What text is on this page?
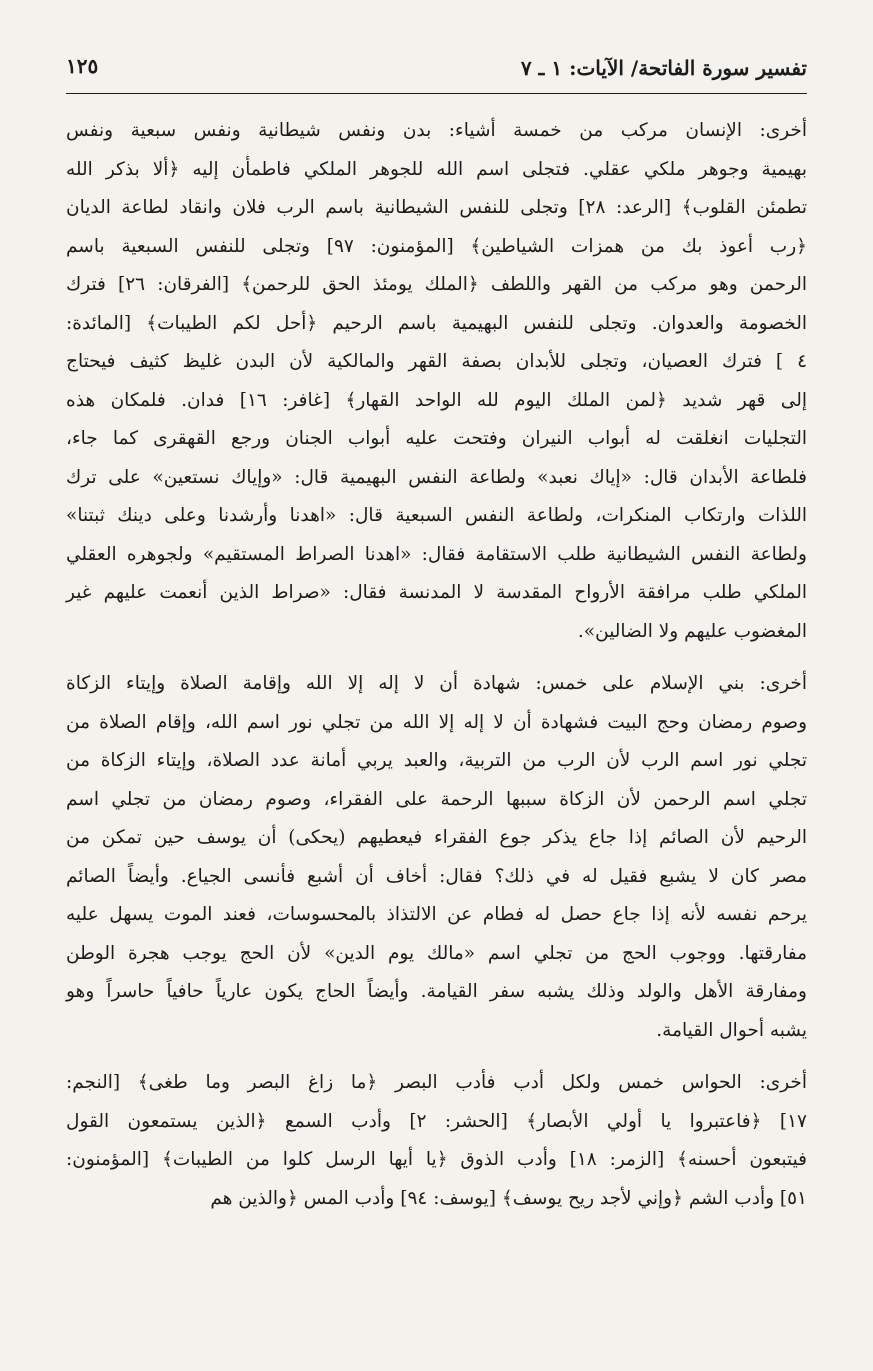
تفسير سورة الفاتحة/ الآيات: ١ ـ ٧
١٢٥
أخرى: الإنسان مركب من خمسة أشياء: بدن ونفس شيطانية ونفس سبعية ونفس
بهيمية وجوهر ملكي عقلي. فتجلى اسم الله للجوهر الملكي فاطمأن إليه ﴿ألا بذكر الله
تطمئن القلوب﴾ [الرعد: ٢٨] وتجلى للنفس الشيطانية باسم الرب فلان وانقاد لطاعة الديان
﴿رب أعوذ بك من همزات الشياطين﴾ [المؤمنون: ٩٧] وتجلى للنفس السبعية باسم
الرحمن وهو مركب من القهر واللطف ﴿الملك يومئذ الحق للرحمن﴾ [الفرقان: ٢٦] فترك
الخصومة والعدوان. وتجلى للنفس البهيمية باسم الرحيم ﴿أحل لكم الطيبات﴾ [المائدة:
٤ ] فترك العصيان، وتجلى للأبدان بصفة القهر والمالكية لأن البدن غليظ كثيف فيحتاج
إلى قهر شديد ﴿لمن الملك اليوم لله الواحد القهار﴾ [غافر: ١٦] فدان. فلمكان هذه
التجليات انغلقت له أبواب النيران وفتحت عليه أبواب الجنان ورجع القهقرى كما جاء،
فلطاعة الأبدان قال: «إياك نعبد» ولطاعة النفس البهيمية قال: «وإياك نستعين» على ترك
اللذات وارتكاب المنكرات، ولطاعة النفس السبعية قال: «اهدنا وأرشدنا وعلى دينك ثبتنا»
ولطاعة النفس الشيطانية طلب الاستقامة فقال: «اهدنا الصراط المستقيم» ولجوهره العقلي
الملكي طلب مرافقة الأرواح المقدسة لا المدنسة فقال: «صراط الذين أنعمت عليهم غير
المغضوب عليهم ولا الضالين».
أخرى: بني الإسلام على خمس: شهادة أن لا إله إلا الله وإقامة الصلاة وإيتاء الزكاة
وصوم رمضان وحج البيت فشهادة أن لا إله إلا الله من تجلي نور اسم الله، وإقام الصلاة من
تجلي نور اسم الرب لأن الرب من التربية، والعبد يربي أمانة عدد الصلاة، وإيتاء الزكاة من
تجلي اسم الرحمن لأن الزكاة سببها الرحمة على الفقراء، وصوم رمضان من تجلي اسم
الرحيم لأن الصائم إذا جاع يذكر جوع الفقراء فيعطيهم (يحكى) أن يوسف حين تمكن من
مصر كان لا يشبع فقيل له في ذلك؟ فقال: أخاف أن أشبع فأنسى الجياع. وأيضاً الصائم
يرحم نفسه لأنه إذا جاع حصل له فطام عن الالتذاذ بالمحسوسات، فعند الموت يسهل عليه
مفارقتها. ووجوب الحج من تجلي اسم «مالك يوم الدين» لأن الحج يوجب هجرة الوطن
ومفارقة الأهل والولد وذلك يشبه سفر القيامة. وأيضاً الحاج يكون عارياً حافياً حاسراً وهو
يشبه أحوال القيامة.
أخرى: الحواس خمس ولكل أدب فأدب البصر ﴿ما زاغ البصر وما طغى﴾ [النجم:
١٧] ﴿فاعتبروا يا أولي الأبصار﴾ [الحشر: ٢] وأدب السمع ﴿الذين يستمعون القول
فيتبعون أحسنه﴾ [الزمر: ١٨] وأدب الذوق ﴿يا أيها الرسل كلوا من الطيبات﴾ [المؤمنون:
٥١] وأدب الشم ﴿وإني لأجد ريح يوسف﴾ [يوسف: ٩٤] وأدب المس ﴿والذين هم
